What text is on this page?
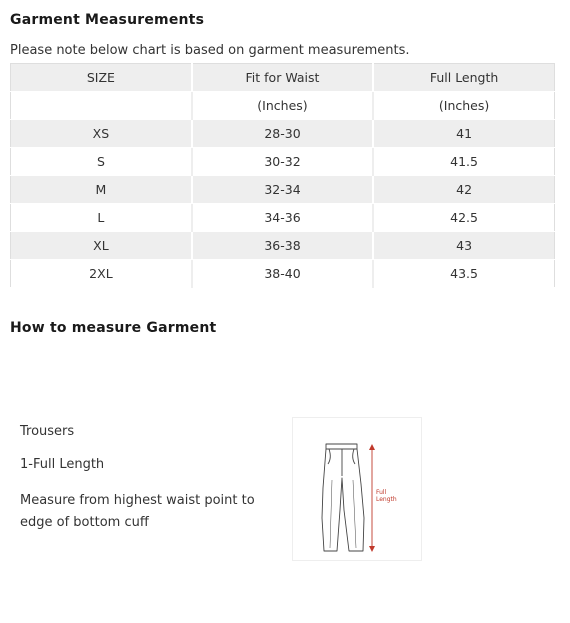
Garment Measurements
Please note below chart is based on garment measurements.
SIZE	Fit for Waist	Full Length
	(Inches)	(Inches)
XS	28-30	41
S	30-32	41.5
M	32-34	42
L	34-36	42.5
XL	36-38	43
2XL	38-40	43.5
How to measure Garment
Trousers
1-Full Length
Measure from highest waist point to edge of bottom cuff
Full
Length
